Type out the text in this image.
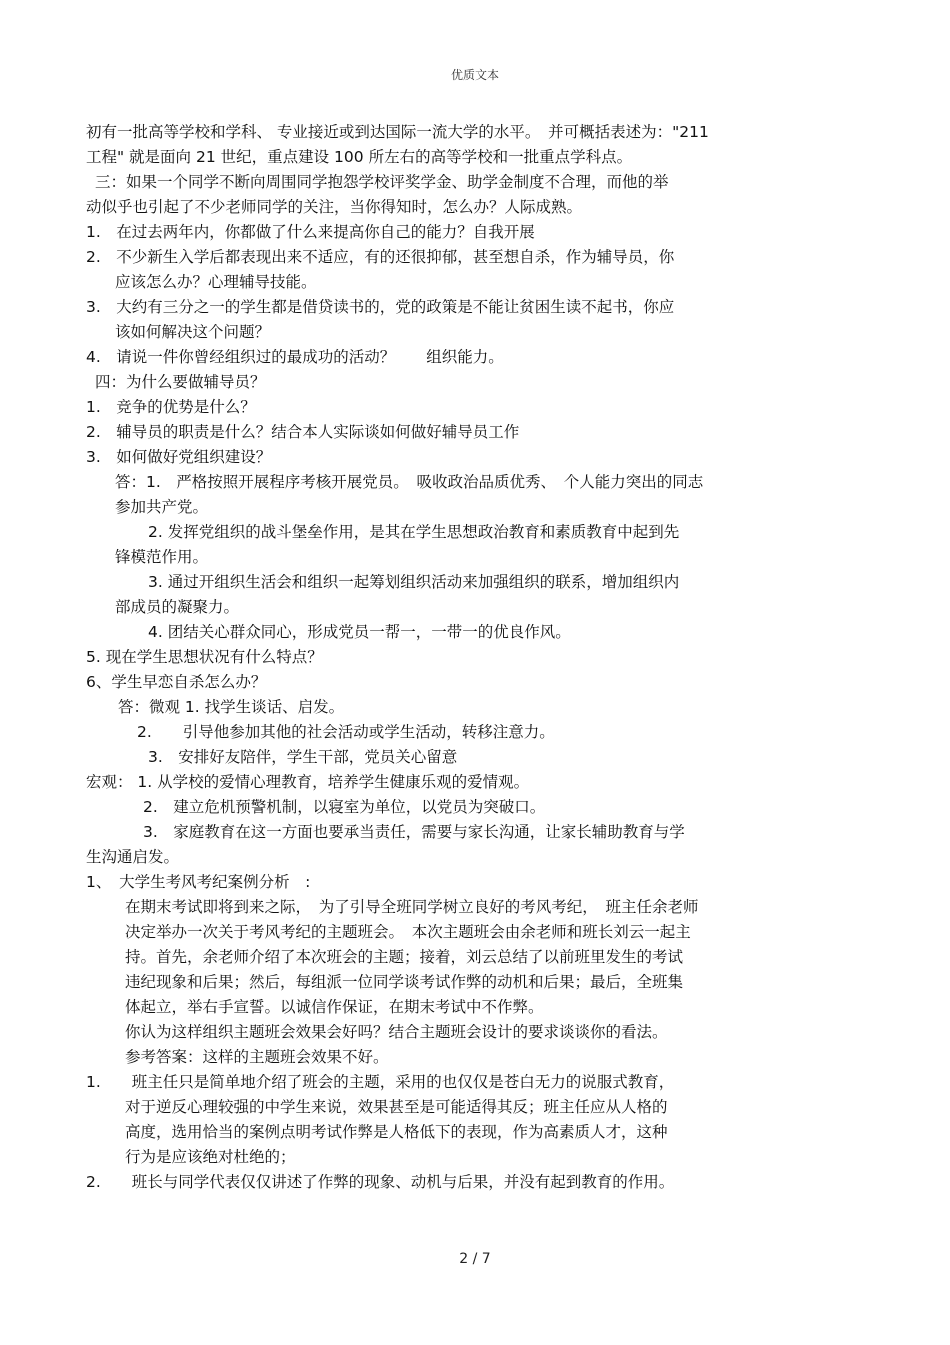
优质文本
初有一批高等学校和学科、 专业接近或到达国际一流大学的水平。　并可概括表述为："211
工程" 就是面向 21 世纪，重点建设 100 所左右的高等学校和一批重点学科点。
三：如果一个同学不断向周围同学抱怨学校评奖学金、助学金制度不合理，而他的举
动似乎也引起了不少老师同学的关注，当你得知时，怎么办？人际成熟。
1.　在过去两年内，你都做了什么来提高你自己的能力？自我开展
2.　不少新生入学后都表现出来不适应，有的还很抑郁，甚至想自杀，作为辅导员，你
应该怎么办？心理辅导技能。
3.　大约有三分之一的学生都是借贷读书的，党的政策是不能让贫困生读不起书，你应
该如何解决这个问题？
4.　请说一件你曾经组织过的最成功的活动？　　组织能力。
四：为什么要做辅导员？
1.　竞争的优势是什么？
2.　辅导员的职责是什么？结合本人实际谈如何做好辅导员工作
3.　如何做好党组织建设？
答：1.　严格按照开展程序考核开展党员。　吸收政治品质优秀、　个人能力突出的同志
参加共产党。
2. 发挥党组织的战斗堡垒作用，是其在学生思想政治教育和素质教育中起到先
锋模范作用。
3. 通过开组织生活会和组织一起筹划组织活动来加强组织的联系，增加组织内
部成员的凝聚力。
4. 团结关心群众同心，形成党员一帮一，一带一的优良作风。
5. 现在学生思想状况有什么特点？
6、学生早恋自杀怎么办？
答：微观 1. 找学生谈话、启发。
2.　　引导他参加其他的社会活动或学生活动，转移注意力。
3.　安排好友陪伴，学生干部，党员关心留意
宏观： 1. 从学校的爱情心理教育，培养学生健康乐观的爱情观。
2.　建立危机预警机制，以寝室为单位，以党员为突破口。
3.　家庭教育在这一方面也要承当责任，需要与家长沟通，让家长辅助教育与学
生沟通启发。
1、　大学生考风考纪案例分析　:
在期末考试即将到来之际，　为了引导全班同学树立良好的考风考纪，　班主任余老师
决定举办一次关于考风考纪的主题班会。　本次主题班会由余老师和班长刘云一起主
持。首先，余老师介绍了本次班会的主题；接着，刘云总结了以前班里发生的考试
违纪现象和后果；然后，每组派一位同学谈考试作弊的动机和后果；最后，全班集
体起立，举右手宣誓。以诚信作保证，在期末考试中不作弊。
你认为这样组织主题班会效果会好吗？结合主题班会设计的要求谈谈你的看法。
参考答案：这样的主题班会效果不好。
1.　　班主任只是简单地介绍了班会的主题，采用的也仅仅是苍白无力的说服式教育，
对于逆反心理较强的中学生来说，效果甚至是可能适得其反；班主任应从人格的
高度，选用恰当的案例点明考试作弊是人格低下的表现，作为高素质人才，这种
行为是应该绝对杜绝的；
2.　　班长与同学代表仅仅讲述了作弊的现象、动机与后果，并没有起到教育的作用。
2 / 7
